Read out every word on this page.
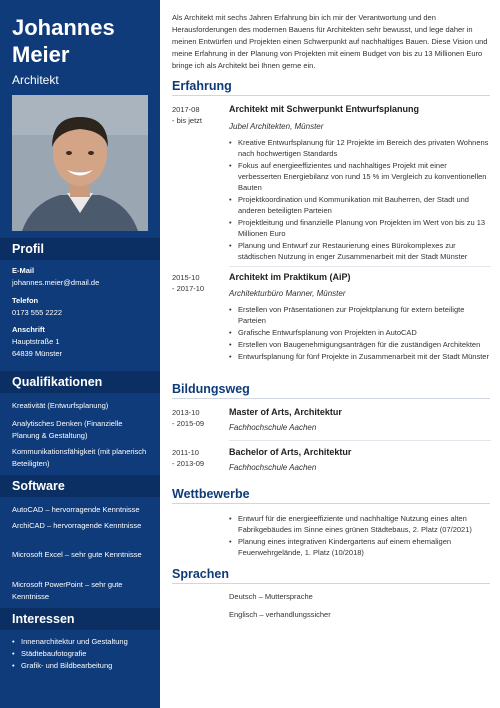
Johannes
Meier
Architekt
Profil
E-Mail
johannes.meier@dmail.de
Telefon
0173 555 2222
Anschrift
Hauptstraße 1
64839 Münster
Qualifikationen
Kreativität (Entwurfsplanung)
Analytisches Denken (Finanzielle Planung & Gestaltung)
Kommunikationsfähigkeit (mit planerisch Beteiligten)
Software
AutoCAD – hervorragende Kenntnisse
ArchiCAD – hervorragende Kenntnisse
Microsoft Excel – sehr gute Kenntnisse
Microsoft PowerPoint – sehr gute Kenntnisse
Interessen
• Innenarchitektur und Gestaltung
• Städtebaufotografie
• Grafik- und Bildbearbeitung
Als Architekt mit sechs Jahren Erfahrung bin ich mir der Verantwortung und den Herausforderungen des modernen Bauens für Architekten sehr bewusst, und lege daher in meinen Entwürfen und Projekten einen Schwerpunkt auf nachhaltiges Bauen. Diese Vision und meine Erfahrung in der Planung von Projekten mit einem Budget von bis zu 13 Millionen Euro bringe ich als Architekt bei Ihnen gerne ein.
Erfahrung
2017-08
- bis jetzt
Architekt mit Schwerpunkt Entwurfsplanung
Jubel Architekten, Münster
• Kreative Entwurfsplanung für 12 Projekte im Bereich des privaten Wohnens nach hochwertigen Standards
• Fokus auf energieeffizientes und nachhaltiges Projekt mit einer verbesserten Energiebilanz von rund 15 % im Vergleich zu konventionellen Bauten
• Projektkoordination und Kommunikation mit Bauherren, der Stadt und anderen beteiligten Parteien
• Projektleitung und finanzielle Planung von Projekten im Wert von bis zu 13 Millionen Euro
• Planung und Entwurf zur Restaurierung eines Bürokomplexes zur städtischen Nutzung in enger Zusammenarbeit mit der Stadt Münster
2015-10
- 2017-10
Architekt im Praktikum (AiP)
Architekturbüro Manner, Münster
• Erstellen von Präsentationen zur Projektplanung für extern beteiligte Parteien
• Grafische Entwurfsplanung von Projekten in AutoCAD
• Erstellen von Baugenehmigungsanträgen für die zuständigen Architekten
• Entwurfsplanung für fünf Projekte in Zusammenarbeit mit der Stadt Münster
Bildungsweg
2013-10
- 2015-09
Master of Arts, Architektur
Fachhochschule Aachen
2011-10
- 2013-09
Bachelor of Arts, Architektur
Fachhochschule Aachen
Wettbewerbe
• Entwurf für die energieeffiziente und nachhaltige Nutzung eines alten Fabrikgebäudes im Sinne eines grünen Städtebaus, 2. Platz (07/2021)
• Planung eines integrativen Kindergartens auf einem ehemaligen Feuerwehrgelände, 1. Platz (10/2018)
Sprachen
Deutsch – Muttersprache
Englisch – verhandlungssicher
